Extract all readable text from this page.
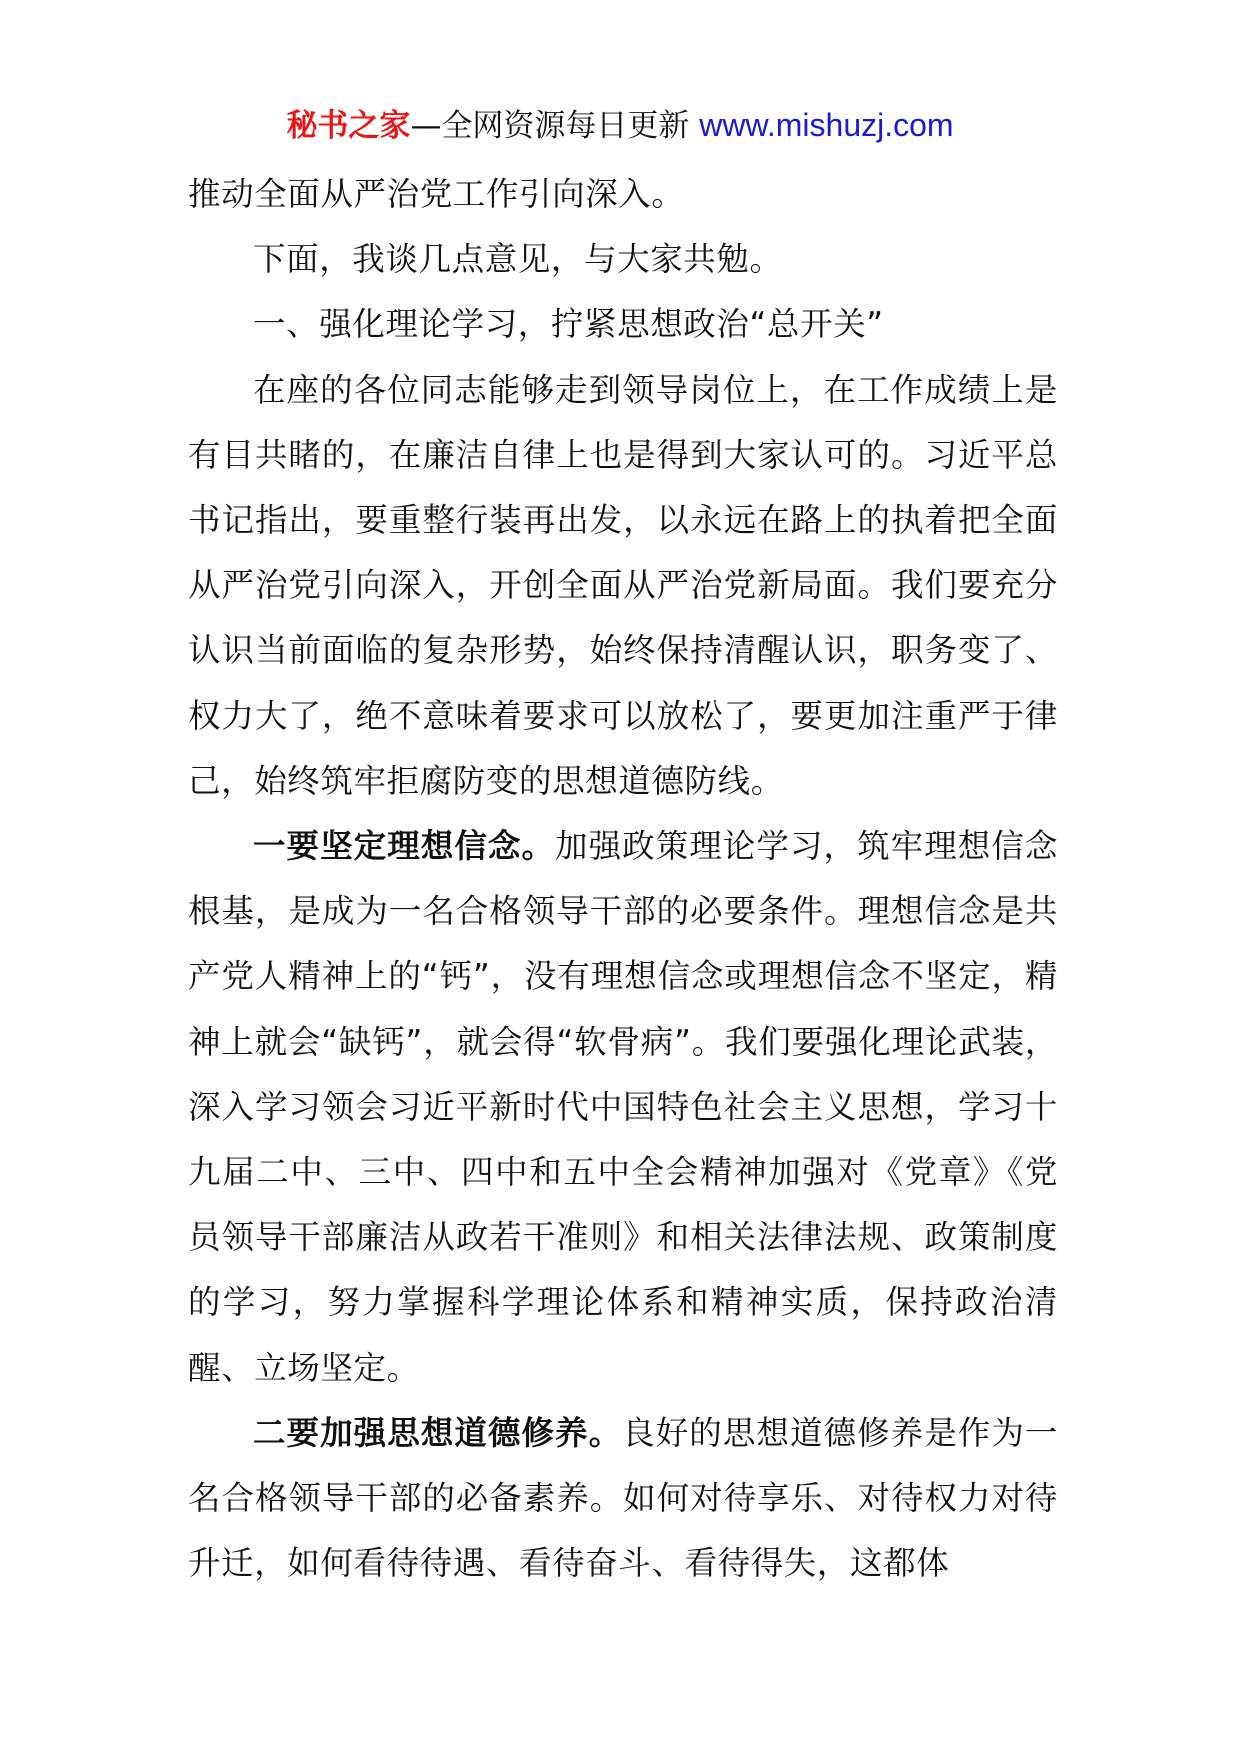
秘书之家—全网资源每日更新 www.mishuzj.com

推动全面从严治党工作引向深入。

下面，我谈几点意见，与大家共勉。

一、强化理论学习，拧紧思想政治“总开关”

在座的各位同志能够走到领导岗位上，在工作成绩上是有目共睹的，在廉洁自律上也是得到大家认可的。习近平总书记指出，要重整行装再出发，以永远在路上的执着把全面从严治党引向深入，开创全面从严治党新局面。我们要充分认识当前面临的复杂形势，始终保持清醒认识，职务变了、权力大了，绝不意味着要求可以放松了，要更加注重严于律己，始终筑牢拒腐防变的思想道德防线。

一要坚定理想信念。加强政策理论学习，筑牢理想信念根基，是成为一名合格领导干部的必要条件。理想信念是共产党人精神上的“钙”，没有理想信念或理想信念不坚定，精神上就会“缺钙”，就会得“软骨病”。我们要强化理论武装，深入学习领会习近平新时代中国特色社会主义思想，学习十九届二中、三中、四中和五中全会精神加强对《党章》《党员领导干部廉洁从政若干准则》和相关法律法规、政策制度的学习，努力掌握科学理论体系和精神实质，保持政治清醒、立场坚定。

二要加强思想道德修养。良好的思想道德修养是作为一名合格领导干部的必备素养。如何对待享乐、对待权力对待升迁，如何看待待遇、看待奋斗、看待得失，这都体
